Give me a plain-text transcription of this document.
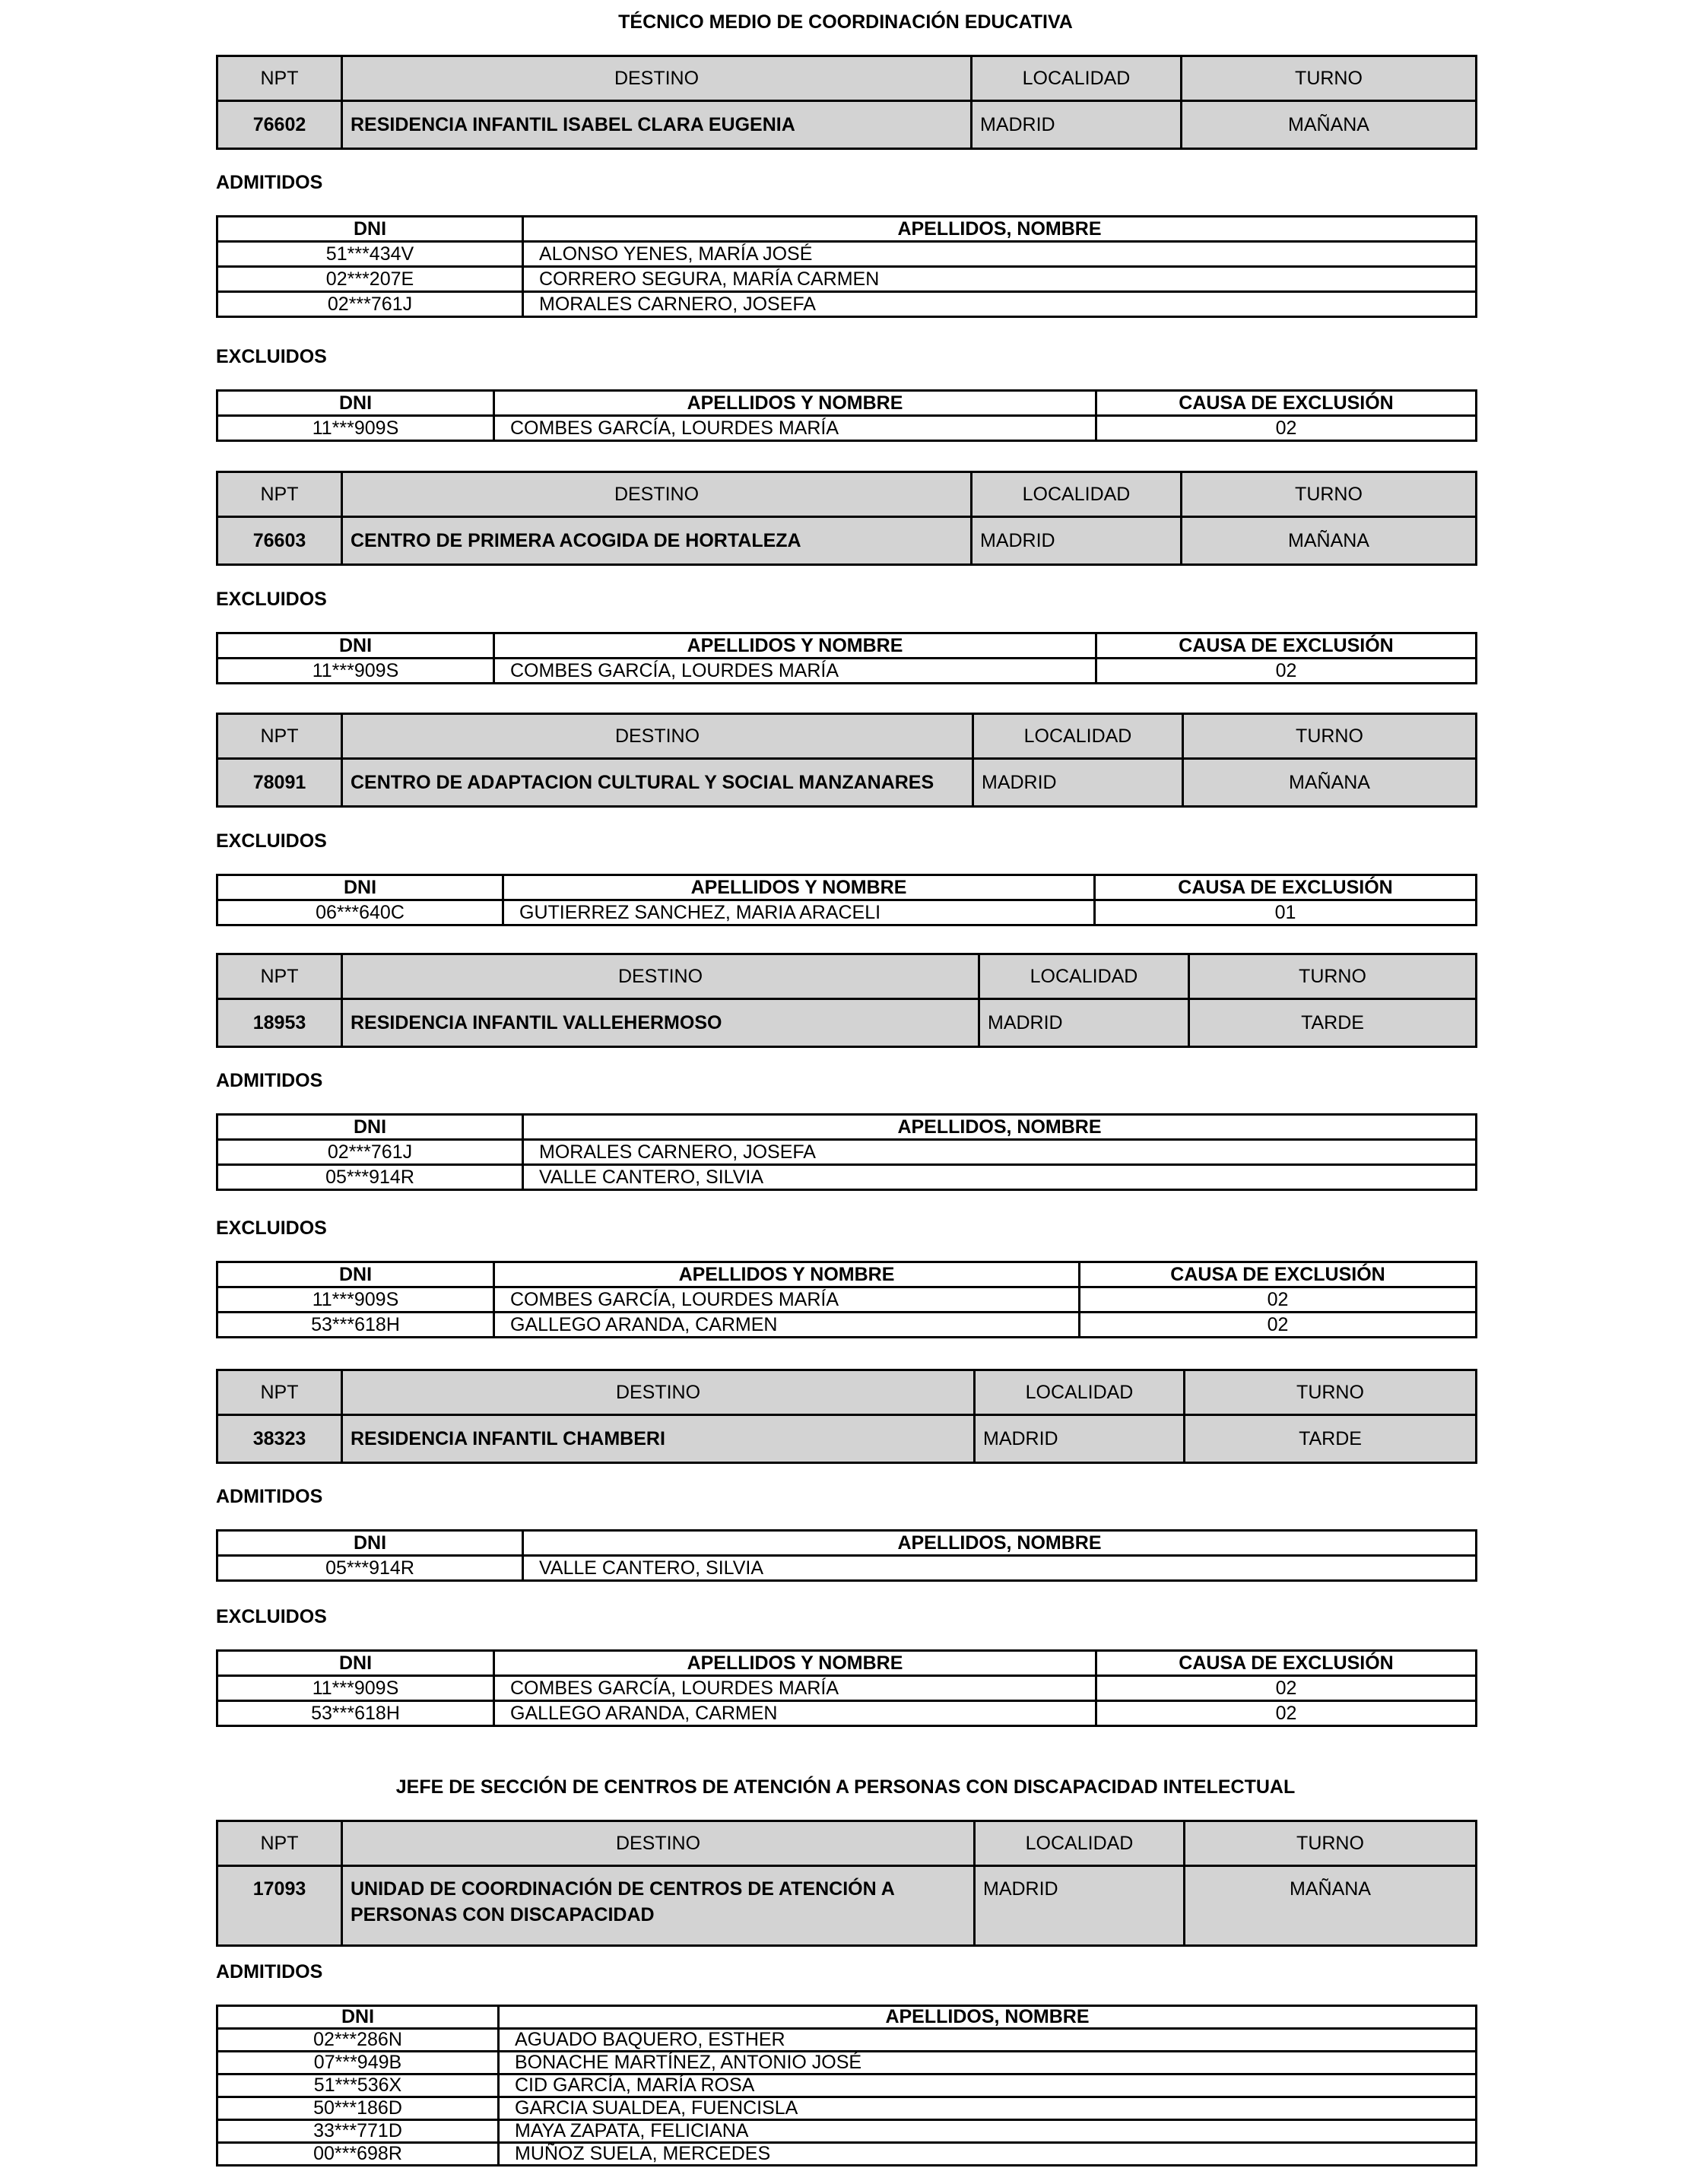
TÉCNICO MEDIO DE COORDINACIÓN EDUCATIVA
NPT	DESTINO	LOCALIDAD	TURNO
76602	RESIDENCIA INFANTIL ISABEL CLARA EUGENIA	MADRID	MAÑANA
ADMITIDOS
DNI	APELLIDOS, NOMBRE
51***434V	ALONSO YENES, MARÍA JOSÉ
02***207E	CORRERO SEGURA, MARÍA CARMEN
02***761J	MORALES CARNERO, JOSEFA
EXCLUIDOS
DNI	APELLIDOS Y NOMBRE	CAUSA DE EXCLUSIÓN
11***909S	COMBES GARCÍA, LOURDES MARÍA	02
NPT	DESTINO	LOCALIDAD	TURNO
76603	CENTRO DE PRIMERA ACOGIDA DE HORTALEZA	MADRID	MAÑANA
EXCLUIDOS
DNI	APELLIDOS Y NOMBRE	CAUSA DE EXCLUSIÓN
11***909S	COMBES GARCÍA, LOURDES MARÍA	02
NPT	DESTINO	LOCALIDAD	TURNO
78091	CENTRO DE ADAPTACION CULTURAL Y SOCIAL MANZANARES	MADRID	MAÑANA
EXCLUIDOS
DNI	APELLIDOS Y NOMBRE	CAUSA DE EXCLUSIÓN
06***640C	GUTIERREZ SANCHEZ, MARIA ARACELI	01
NPT	DESTINO	LOCALIDAD	TURNO
18953	RESIDENCIA INFANTIL VALLEHERMOSO	MADRID	TARDE
ADMITIDOS
DNI	APELLIDOS, NOMBRE
02***761J	MORALES CARNERO, JOSEFA
05***914R	VALLE CANTERO, SILVIA
EXCLUIDOS
DNI	APELLIDOS Y NOMBRE	CAUSA DE EXCLUSIÓN
11***909S	COMBES GARCÍA, LOURDES MARÍA	02
53***618H	GALLEGO ARANDA, CARMEN	02
NPT	DESTINO	LOCALIDAD	TURNO
38323	RESIDENCIA INFANTIL CHAMBERI	MADRID	TARDE
ADMITIDOS
DNI	APELLIDOS, NOMBRE
05***914R	VALLE CANTERO, SILVIA
EXCLUIDOS
DNI	APELLIDOS Y NOMBRE	CAUSA DE EXCLUSIÓN
11***909S	COMBES GARCÍA, LOURDES MARÍA	02
53***618H	GALLEGO ARANDA, CARMEN	02
JEFE DE SECCIÓN DE CENTROS DE ATENCIÓN A PERSONAS CON DISCAPACIDAD INTELECTUAL
NPT	DESTINO	LOCALIDAD	TURNO
17093	UNIDAD DE COORDINACIÓN DE CENTROS DE ATENCIÓN A
PERSONAS CON DISCAPACIDAD	MADRID	MAÑANA
ADMITIDOS
DNI	APELLIDOS, NOMBRE
02***286N	AGUADO BAQUERO, ESTHER
07***949B	BONACHE MARTÍNEZ, ANTONIO JOSÉ
51***536X	CID GARCÍA, MARÍA ROSA
50***186D	GARCIA SUALDEA, FUENCISLA
33***771D	MAYA ZAPATA, FELICIANA
00***698R	MUÑOZ SUELA, MERCEDES
